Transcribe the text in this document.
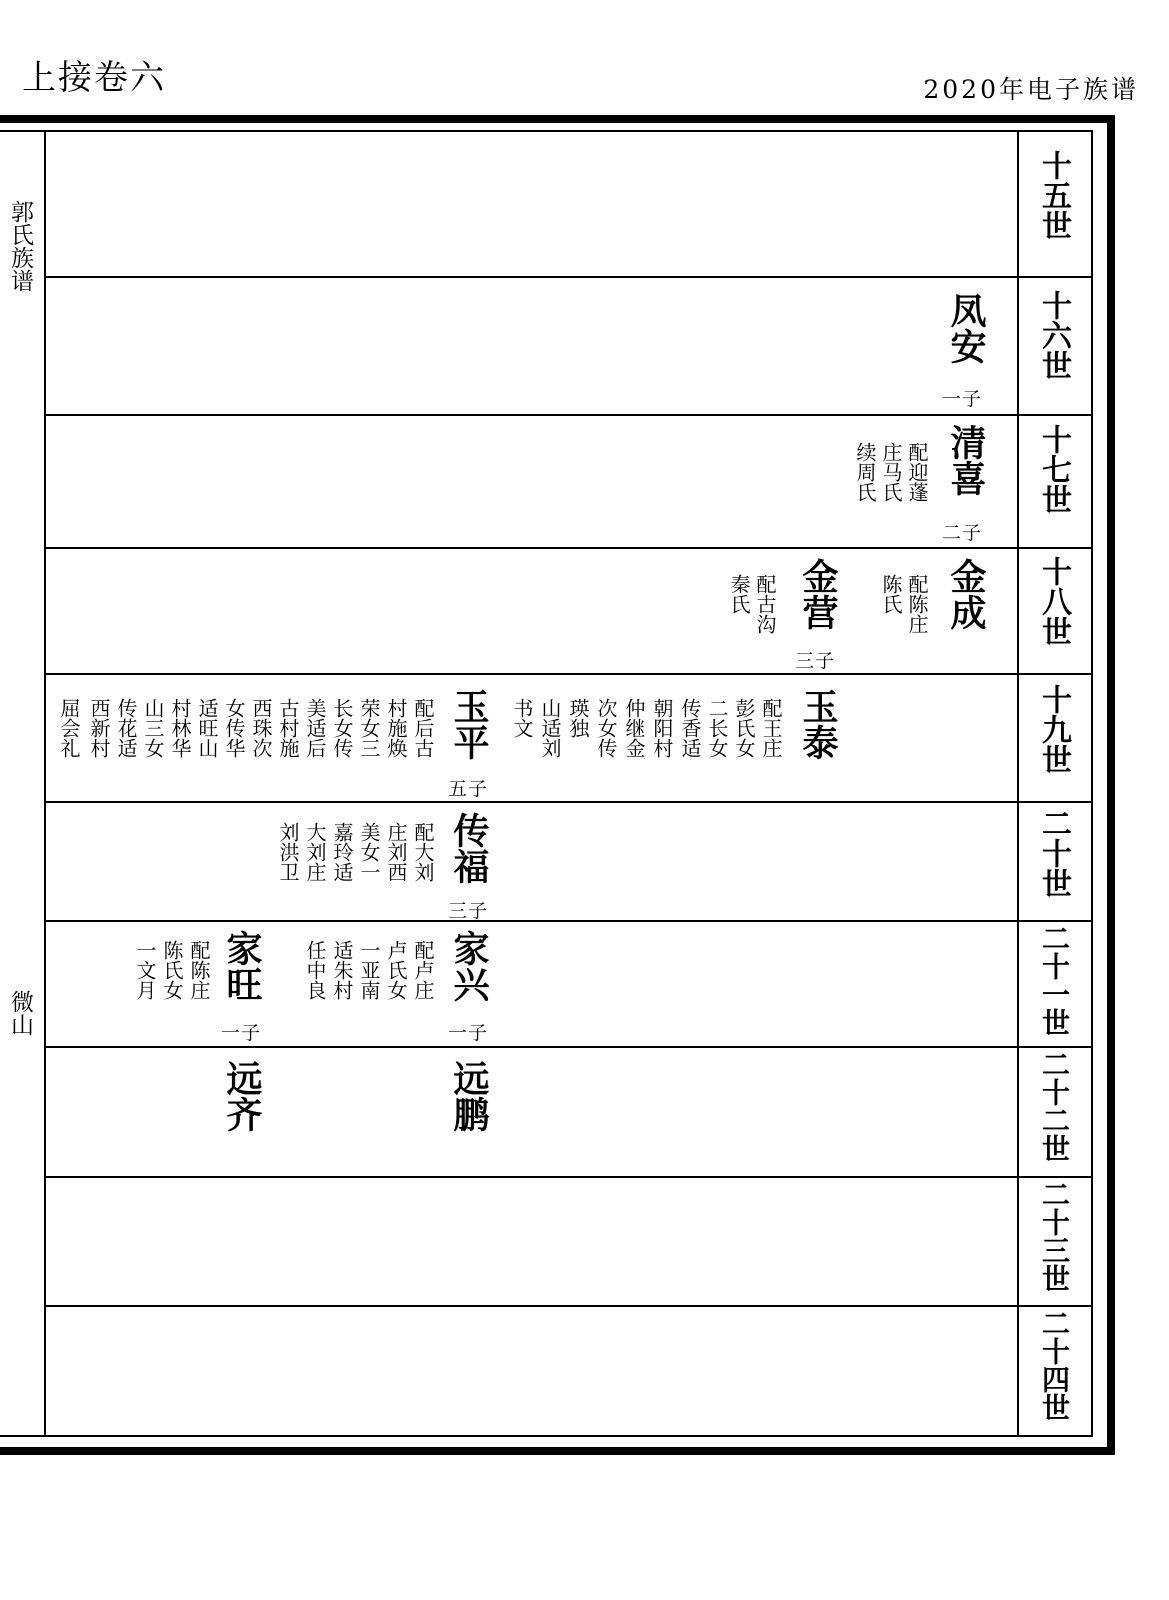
上接卷六	2020年电子族谱
郭氏族谱
微山
十五世
十六世
十七世
十八世
十九世
二十世
二十一世
二十二世
二十三世
二十四世
凤安
一子
清喜
二子
配迎蓬
庄马氏
续周氏
金成
配陈庄
陈氏
金营
三子
配古沟
秦氏
玉泰
配王庄
彭氏女
二长女
传香适
朝阳村
仲继金
次女传
瑛独
山适刘
书文
玉平
五子
配后古
村施焕
荣女三
长女传
美适后
古村施
西珠次
女传华
适旺山
村林华
山三女
传花适
西新村
屈会礼
传福
三子
配大刘
庄刘西
美女一
嘉玲适
大刘庄
刘洪卫
家兴
一子
配卢庄
卢氏女
一亚南
适朱村
任中良
家旺
一子
配陈庄
陈氏女
一文月
远鹏
远齐
